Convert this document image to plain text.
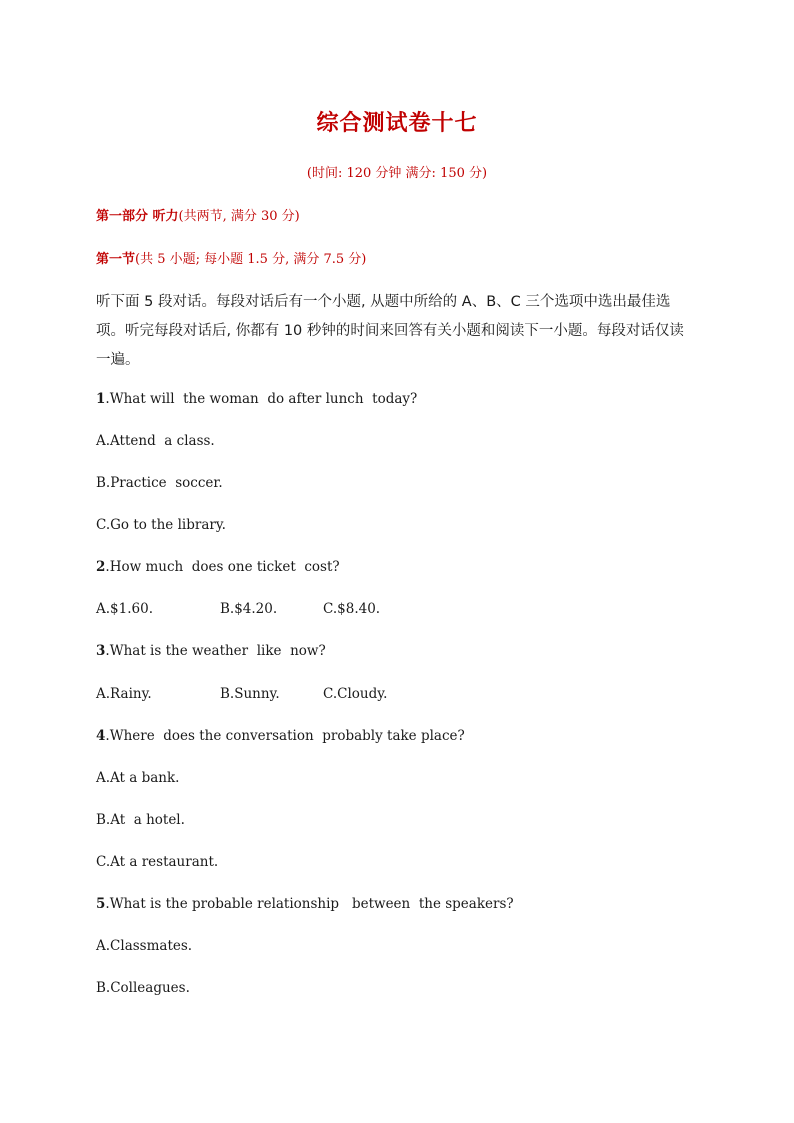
综合测试卷十七
(时间: 120 分钟 满分: 150 分)
第一部分 听力(共两节, 满分 30 分)
第一节(共 5 小题; 每小题 1.5 分, 满分 7.5 分)
听下面 5 段对话。每段对话后有一个小题, 从题中所给的 A、B、C 三个选项中选出最佳选项。听完每段对话后, 你都有 10 秒钟的时间来回答有关小题和阅读下一小题。每段对话仅读一遍。
1.What will  the woman  do after lunch  today?
A.Attend  a class.
B.Practice  soccer.
C.Go to the library.
2.How much  does one ticket  cost?

A.$1.60.

	B.$4.20.

	C.$8.40.

3.What is the weather  like  now?

A.Rainy.

	B.Sunny.

	C.Cloudy.

4.Where  does the conversation  probably take place?
A.At a bank.
B.At  a hotel.
C.At a restaurant.
5.What is the probable relationship   between  the speakers?
A.Classmates.
B.Colleagues.
